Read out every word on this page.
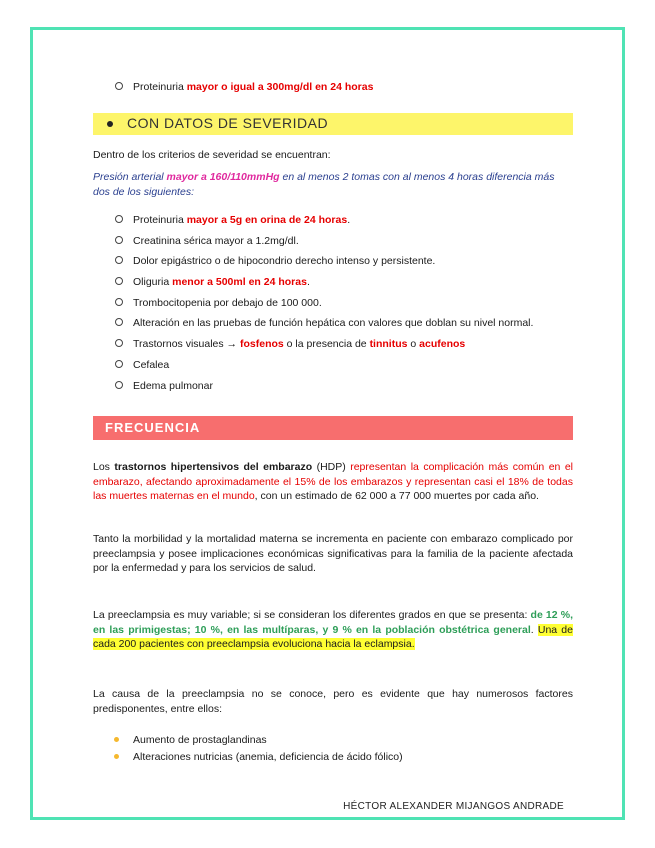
Proteinuria mayor o igual a 300mg/dl en 24 horas
CON DATOS DE SEVERIDAD
Dentro de los criterios de severidad se encuentran:
Presión arterial mayor a 160/110mmHg en al menos 2 tomas con al menos 4 horas diferencia más dos de los siguientes:
Proteinuria mayor a 5g en orina de 24 horas.
Creatinina sérica mayor a 1.2mg/dl.
Dolor epigástrico o de hipocondrio derecho intenso y persistente.
Oliguria menor a 500ml en 24 horas.
Trombocitopenia por debajo de 100 000.
Alteración en las pruebas de función hepática con valores que doblan su nivel normal.
Trastornos visuales → fosfenos o la presencia de tinnitus o acufenos
Cefalea
Edema pulmonar
FRECUENCIA

Los trastornos hipertensivos del embarazo (HDP) representan la complicación más común en el embarazo, afectando aproximadamente el 15% de los embarazos y representan casi el 18% de todas las muertes maternas en el mundo, con un estimado de 62 000 a 77 000 muertes por cada año.

Tanto la morbilidad y la mortalidad materna se incrementa en paciente con embarazo complicado por preeclampsia y posee implicaciones económicas significativas para la familia de la paciente afectada por la enfermedad y para los servicios de salud.

La preeclampsia es muy variable; si se consideran los diferentes grados en que se presenta: de 12 %, en las primigestas; 10 %, en las multíparas, y 9 % en la población obstétrica general. Una de cada 200 pacientes con preeclampsia evoluciona hacia la eclampsia.

La causa de la preeclampsia no se conoce, pero es evidente que hay numerosos factores predisponentes, entre ellos:

Aumento de prostaglandinas
Alteraciones nutricias (anemia, deficiencia de ácido fólico)
HÉCTOR ALEXANDER MIJANGOS ANDRADE
